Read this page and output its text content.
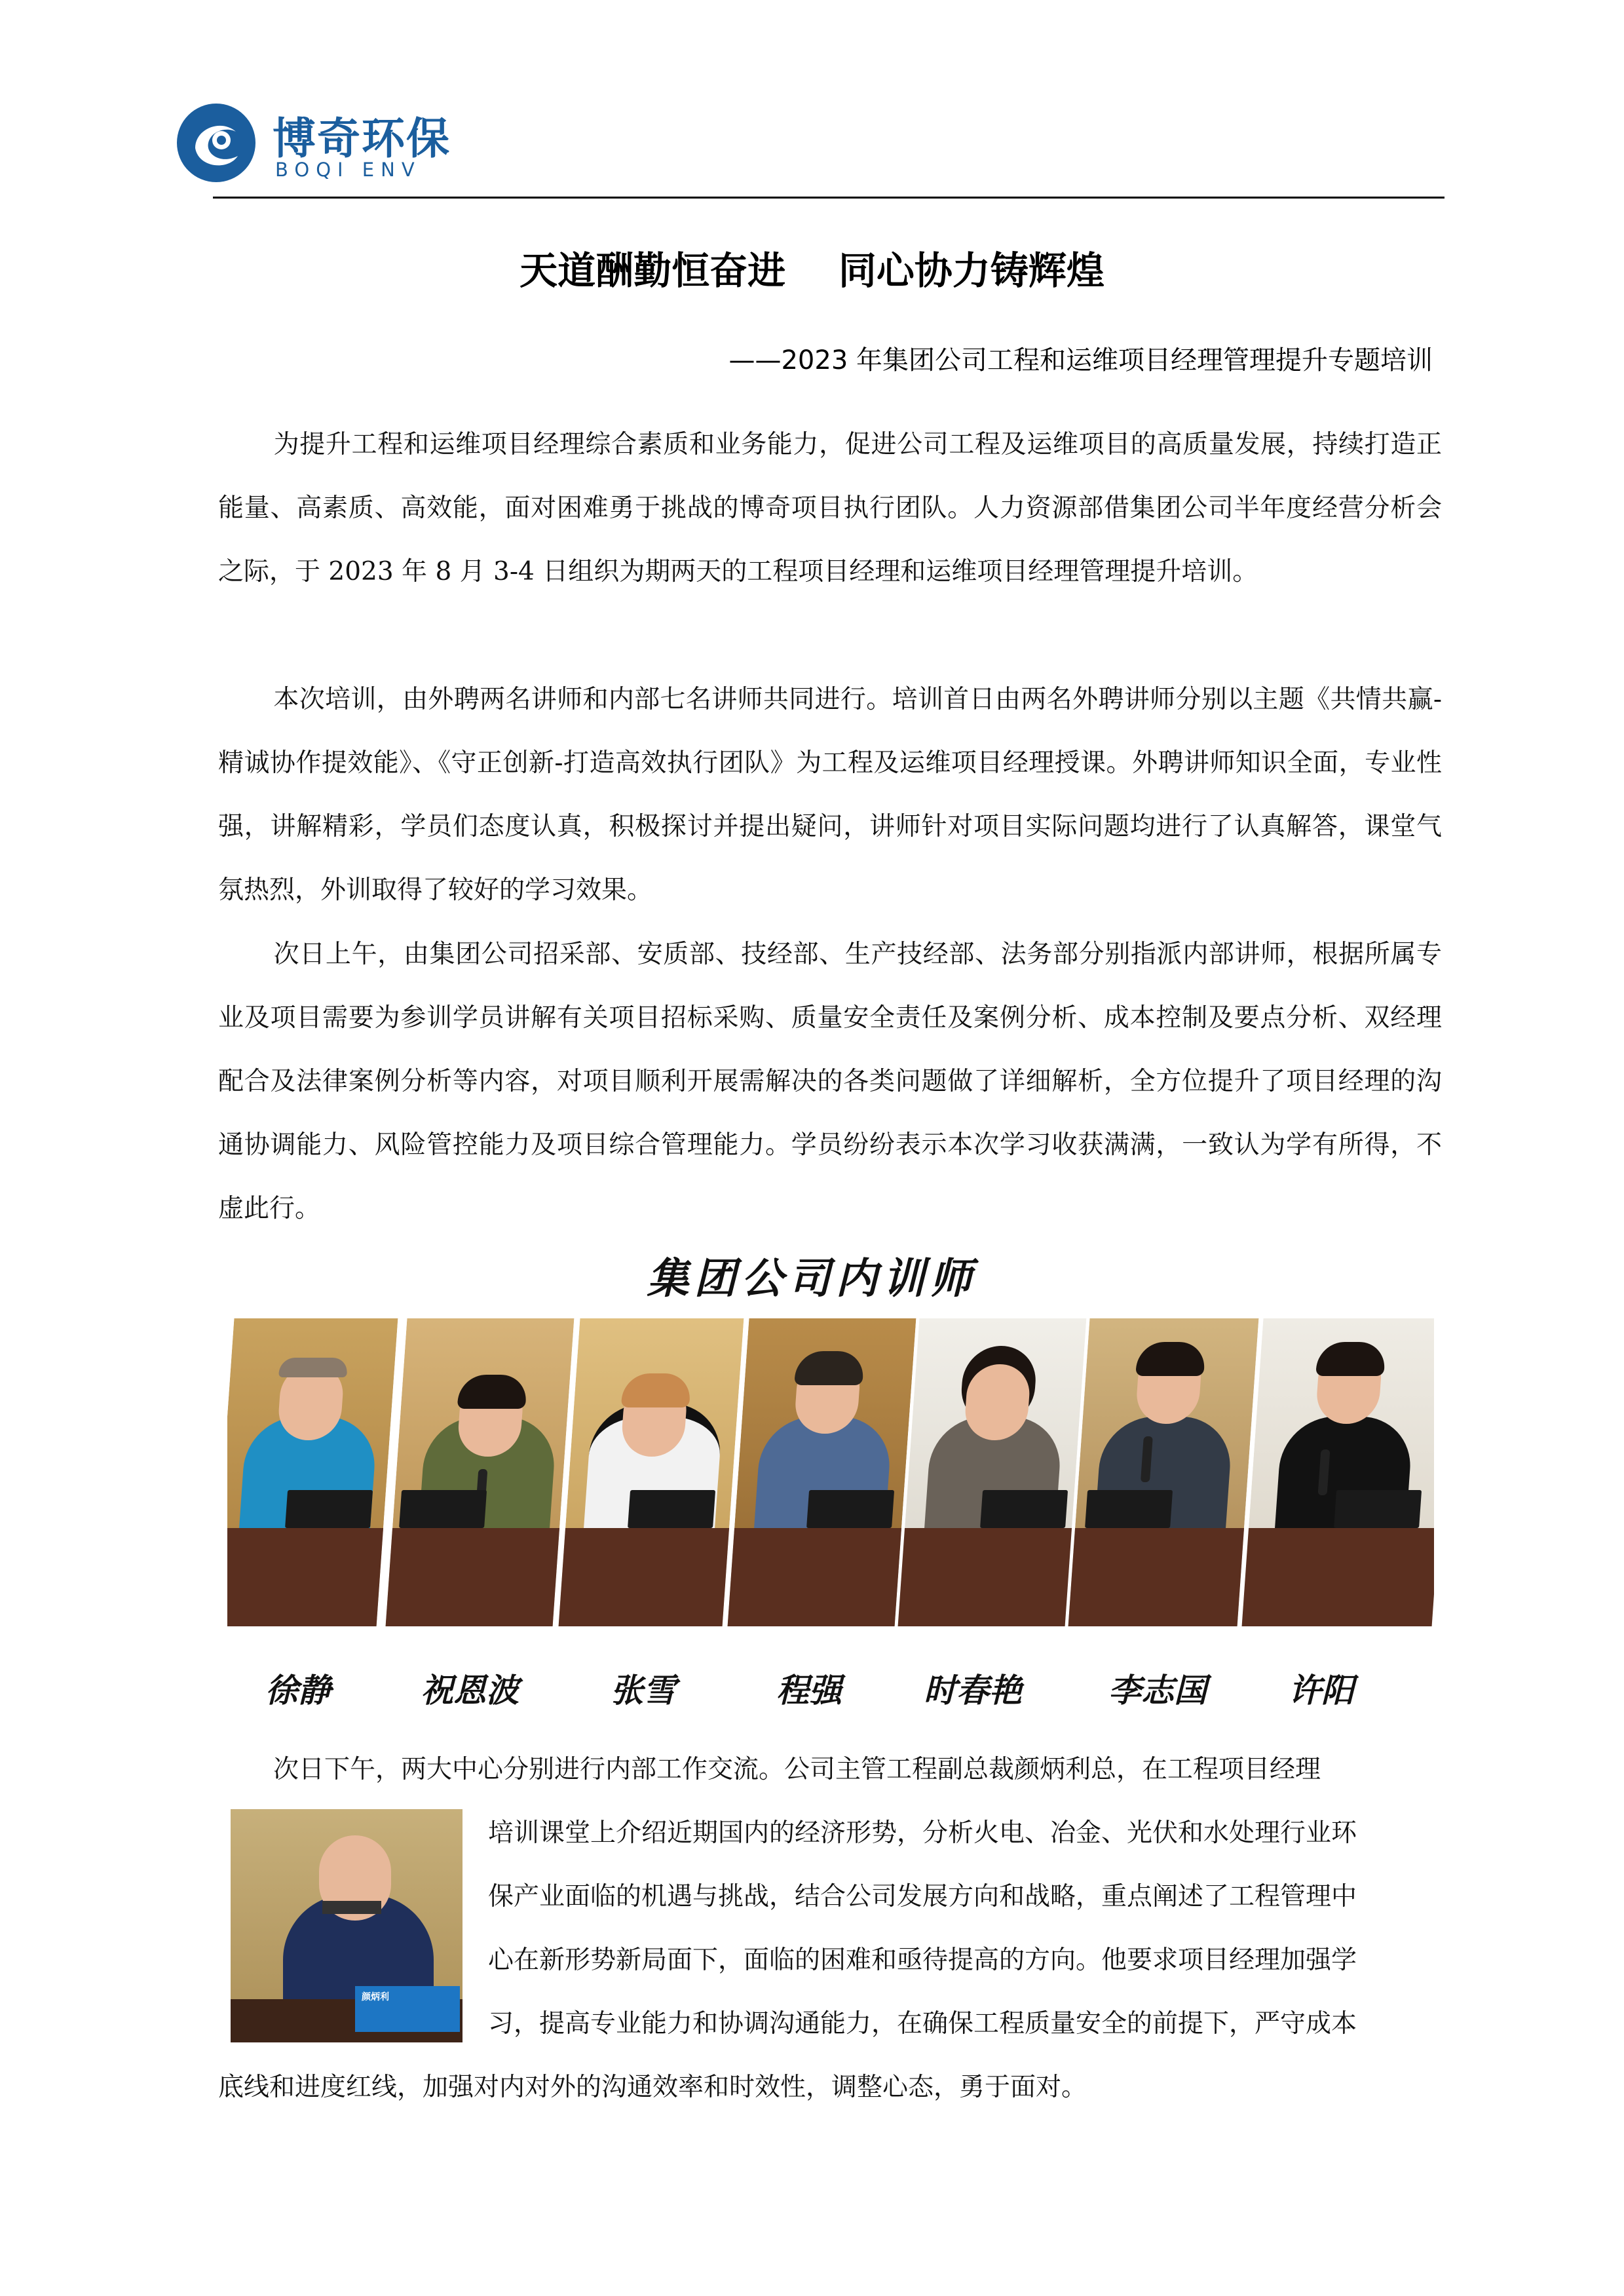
博奇环保
BOQI ENV
天道酬勤恒奋进    同心协力铸辉煌
——2023 年集团公司工程和运维项目经理管理提升专题培训

为提升工程和运维项目经理综合素质和业务能力，促进公司工程及运维项目的高质量发展，持续打造正能量、高素质、高效能，面对困难勇于挑战的博奇项目执行团队。人力资源部借集团公司半年度经营分析会之际，于 2023 年 8 月 3-4 日组织为期两天的工程项目经理和运维项目经理管理提升培训。

本次培训，由外聘两名讲师和内部七名讲师共同进行。培训首日由两名外聘讲师分别以主题《共情共赢-精诚协作提效能》、《守正创新-打造高效执行团队》为工程及运维项目经理授课。外聘讲师知识全面，专业性强，讲解精彩，学员们态度认真，积极探讨并提出疑问，讲师针对项目实际问题均进行了认真解答，课堂气氛热烈，外训取得了较好的学习效果。

次日上午，由集团公司招采部、安质部、技经部、生产技经部、法务部分别指派内部讲师，根据所属专业及项目需要为参训学员讲解有关项目招标采购、质量安全责任及案例分析、成本控制及要点分析、双经理配合及法律案例分析等内容，对项目顺利开展需解决的各类问题做了详细解析，全方位提升了项目经理的沟通协调能力、风险管控能力及项目综合管理能力。学员纷纷表示本次学习收获满满，一致认为学有所得，不虚此行。

集团公司内训师
徐静	祝恩波	张雪	程强	时春艳	李志国	许阳
次日下午，两大中心分别进行内部工作交流。公司主管工程副总裁颜炳利总，在工程项目经理
颜炳利
培训课堂上介绍近期国内的经济形势，分析火电、冶金、光伏和水处理行业环
保产业面临的机遇与挑战，结合公司发展方向和战略，重点阐述了工程管理中
心在新形势新局面下，面临的困难和亟待提高的方向。他要求项目经理加强学
习，提高专业能力和协调沟通能力，在确保工程质量安全的前提下，严守成本
底线和进度红线，加强对内对外的沟通效率和时效性，调整心态，勇于面对。
